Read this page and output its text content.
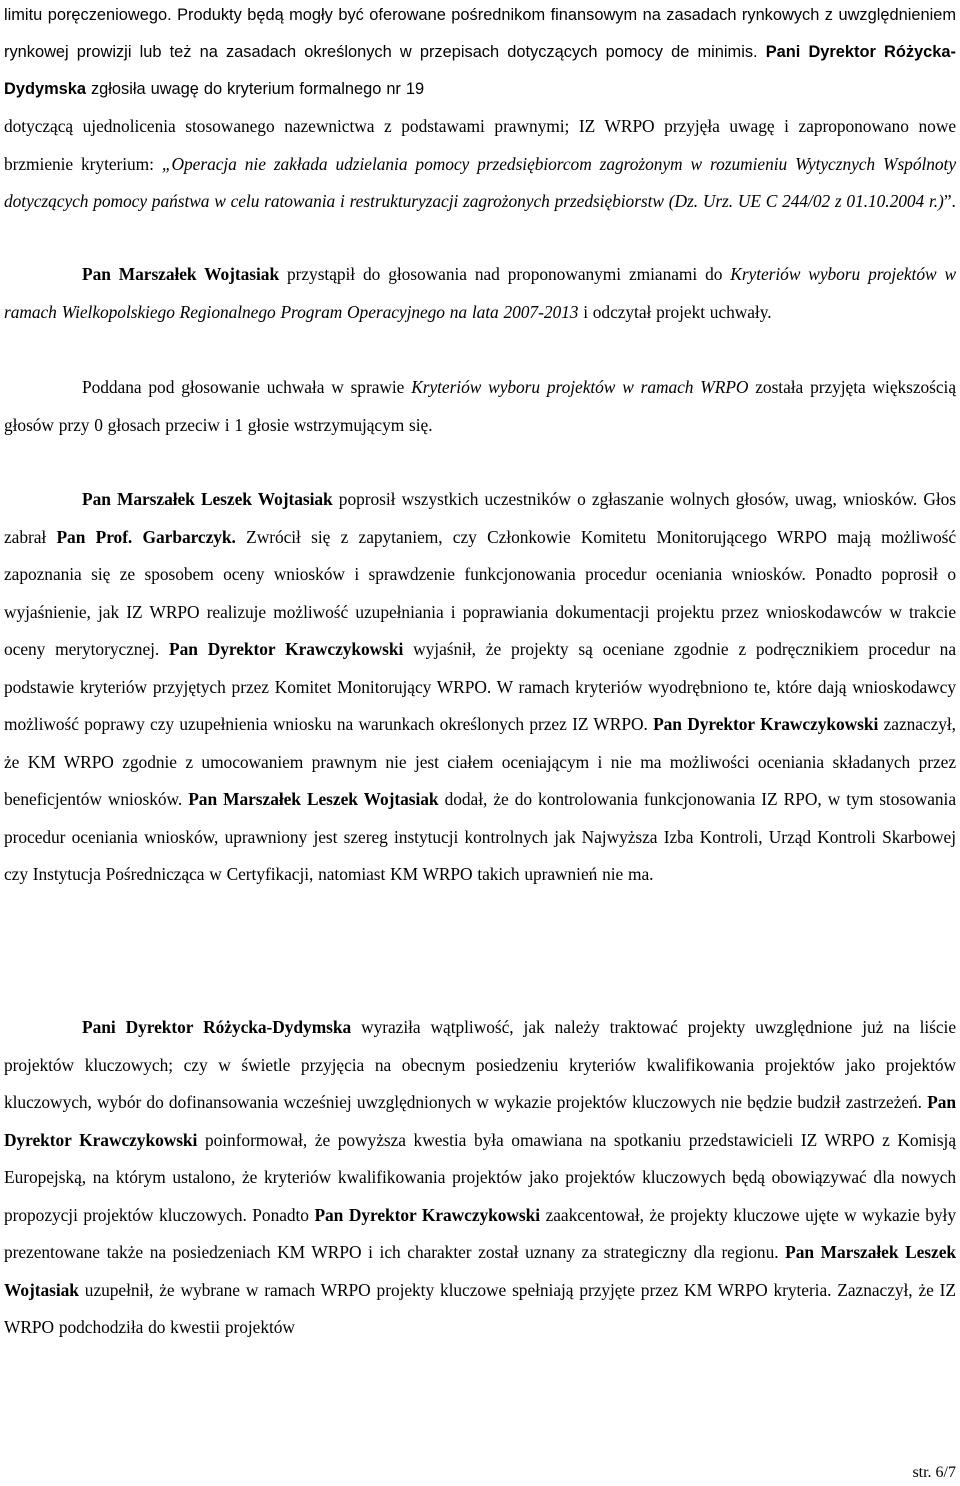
limitu poręczeniowego. Produkty będą mogły być oferowane pośrednikom finansowym na zasadach rynkowych z uwzględnieniem rynkowej prowizji lub też na zasadach określonych w przepisach dotyczących pomocy de minimis. Pani Dyrektor Różycka-Dydymska zgłosiła uwagę do kryterium formalnego nr 19
dotyczącą ujednolicenia stosowanego nazewnictwa z podstawami prawnymi; IZ WRPO przyjęła uwagę i zaproponowano nowe brzmienie kryterium: „Operacja nie zakłada udzielania pomocy przedsiębiorcom zagrożonym w rozumieniu Wytycznych Wspólnoty dotyczących pomocy państwa w celu ratowania i restrukturyzacji zagrożonych przedsiębiorstw (Dz. Urz. UE C 244/02 z 01.10.2004 r.)”.

Pan Marszałek Wojtasiak przystąpił do głosowania nad proponowanymi zmianami do Kryteriów wyboru projektów w ramach Wielkopolskiego Regionalnego Program Operacyjnego na lata 2007-2013 i odczytał projekt uchwały.

Poddana pod głosowanie uchwała w sprawie Kryteriów wyboru projektów w ramach WRPO została przyjęta większością głosów przy 0 głosach przeciw i 1 głosie wstrzymującym się.

Pan Marszałek Leszek Wojtasiak poprosił wszystkich uczestników o zgłaszanie wolnych głosów, uwag, wniosków. Głos zabrał Pan Prof. Garbarczyk. Zwrócił się z zapytaniem, czy Członkowie Komitetu Monitorującego WRPO mają możliwość zapoznania się ze sposobem oceny wniosków i sprawdzenie funkcjonowania procedur oceniania wniosków. Ponadto poprosił o wyjaśnienie, jak IZ WRPO realizuje możliwość uzupełniania i poprawiania dokumentacji projektu przez wnioskodawców w trakcie oceny merytorycznej. Pan Dyrektor Krawczykowski wyjaśnił, że projekty są oceniane zgodnie z podręcznikiem procedur na podstawie kryteriów przyjętych przez Komitet Monitorujący WRPO. W ramach kryteriów wyodrębniono te, które dają wnioskodawcy możliwość poprawy czy uzupełnienia wniosku na warunkach określonych przez IZ WRPO. Pan Dyrektor Krawczykowski zaznaczył, że KM WRPO zgodnie z umocowaniem prawnym nie jest ciałem oceniającym i nie ma możliwości oceniania składanych przez beneficjentów wniosków. Pan Marszałek Leszek Wojtasiak dodał, że do kontrolowania funkcjonowania IZ RPO, w tym stosowania procedur oceniania wniosków, uprawniony jest szereg instytucji kontrolnych jak Najwyższa Izba Kontroli, Urząd Kontroli Skarbowej czy Instytucja Pośrednicząca w Certyfikacji, natomiast KM WRPO takich uprawnień nie ma.

Pani Dyrektor Różycka-Dydymska wyraziła wątpliwość, jak należy traktować projekty uwzględnione już na liście projektów kluczowych; czy w świetle przyjęcia na obecnym posiedzeniu kryteriów kwalifikowania projektów jako projektów kluczowych, wybór do dofinansowania wcześniej uwzględnionych w wykazie projektów kluczowych nie będzie budził zastrzeżeń. Pan Dyrektor Krawczykowski poinformował, że powyższa kwestia była omawiana na spotkaniu przedstawicieli IZ WRPO z Komisją Europejską, na którym ustalono, że kryteriów kwalifikowania projektów jako projektów kluczowych będą obowiązywać dla nowych propozycji projektów kluczowych. Ponadto Pan Dyrektor Krawczykowski zaakcentował, że projekty kluczowe ujęte w wykazie były prezentowane także na posiedzeniach KM WRPO i ich charakter został uznany za strategiczny dla regionu. Pan Marszałek Leszek Wojtasiak uzupełnił, że wybrane w ramach WRPO projekty kluczowe spełniają przyjęte przez KM WRPO kryteria. Zaznaczył, że IZ WRPO podchodziła do kwestii projektów

str. 6/7
